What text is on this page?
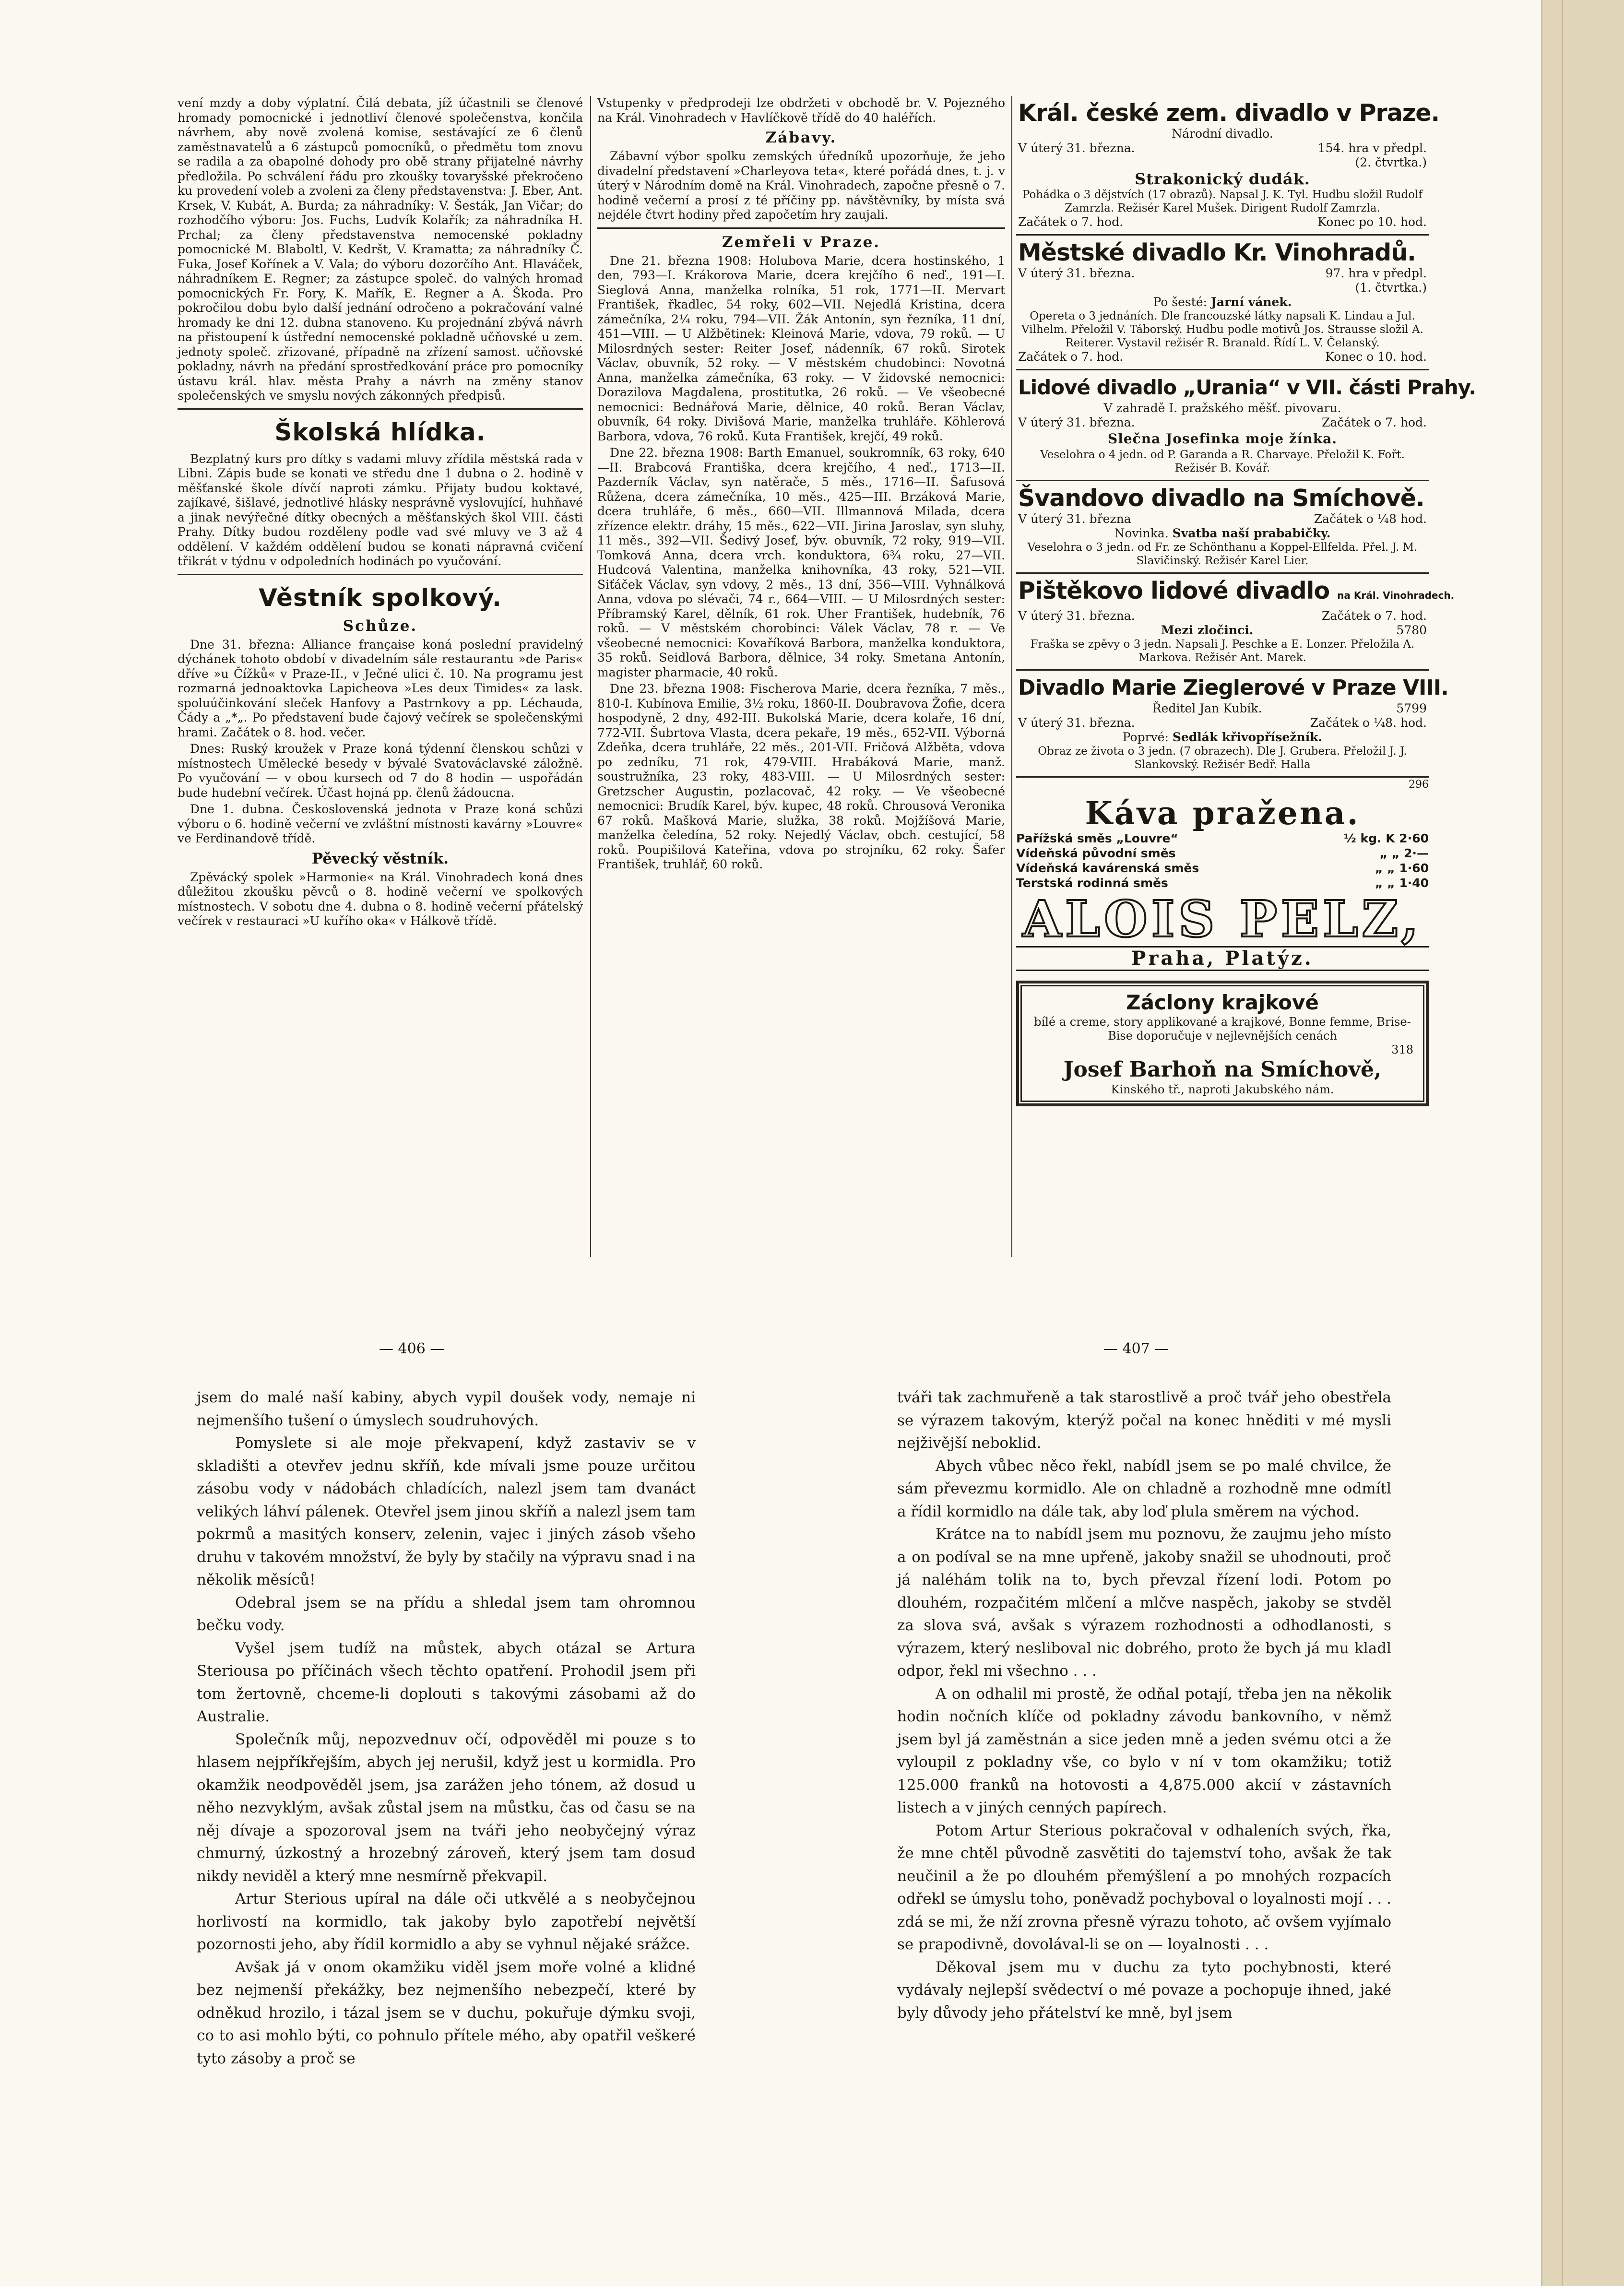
vení mzdy a doby výplatní. Čilá debata, jíž účastnili se členové hromady pomocnické i jednotliví členové společenstva, končila návrhem, aby nově zvolená komise, sestávající ze 6 členů zaměstnavatelů a 6 zástupců pomocníků, o předmětu tom znovu se radila a za obapolné dohody pro obě strany přijatelné návrhy předložila. Po schválení řádu pro zkoušky tovaryšské překročeno ku provedení voleb a zvoleni za členy představenstva: J. Eber, Ant. Krsek, V. Kubát, A. Burda; za náhradníky: V. Šesták, Jan Vičar; do rozhodčího výboru: Jos. Fuchs, Ludvík Kolařík; za náhradníka H. Prchal; za členy představenstva nemocenské pokladny pomocnické M. Blaboltl, V. Kedršt, V. Kramatta; za náhradníky Č. Fuka, Josef Kořínek a V. Vala; do výboru dozorčího Ant. Hlaváček, náhradníkem E. Regner; za zástupce společ. do valných hromad pomocnických Fr. Fory, K. Mařík, E. Regner a A. Škoda. Pro pokročilou dobu bylo další jednání odročeno a pokračování valné hromady ke dni 12. dubna stanoveno. Ku projednání zbývá návrh na přistoupení k ústřední nemocenské pokladně učňovské u zem. jednoty společ. zřizované, případně na zřízení samost. učňovské pokladny, návrh na předání sprostředkování práce pro pomocníky ústavu král. hlav. města Prahy a návrh na změny stanov společenských ve smyslu nových zákonných předpisů.

Školská hlídka.

Bezplatný kurs pro dítky s vadami mluvy zřídila městská rada v Libni. Zápis bude se konati ve středu dne 1 dubna o 2. hodině v měšťanské škole dívčí naproti zámku. Přijaty budou koktavé, zajíkavé, šišlavé, jednotlivé hlásky nesprávně vyslovující, huhňavé a jinak nevýřečné dítky obecných a měšťanských škol VIII. části Prahy. Dítky budou rozděleny podle vad své mluvy ve 3 až 4 oddělení. V každém oddělení budou se konati nápravná cvičení třikrát v týdnu v odpoledních hodinách po vyučování.

Věstník spolkový.
Schůze.

Dne 31. března: Alliance française koná poslední pravidelný dýchánek tohoto období v divadelním sále restaurantu »de Paris« dříve »u Čížků« v Praze-II., v Ječné ulici č. 10. Na programu jest rozmarná jednoaktovka Lapicheova »Les deux Timides« za lask. spoluúčinkování sleček Hanfovy a Pastrnkovy a pp. Léchauda, Čády a „*„. Po představení bude čajový večírek se společenskými hrami. Začátek o 8. hod. večer.

Dnes: Ruský kroužek v Praze koná týdenní členskou schůzi v místnostech Umělecké besedy v bývalé Svatováclavské záložně. Po vyučování — v obou kursech od 7 do 8 hodin — uspořádán bude hudební večírek. Účast hojná pp. členů žádoucna.

Dne 1. dubna. Československá jednota v Praze koná schůzi výboru o 6. hodině večerní ve zvláštní místnosti kavárny »Louvre« ve Ferdinandově třídě.

Pěvecký věstník.

Zpěvácký spolek »Harmonie« na Král. Vinohradech koná dnes důležitou zkoušku pěvců o 8. hodině večerní ve spolkových místnostech. V sobotu dne 4. dubna o 8. hodině večerní přátelský večírek v restauraci »U kuřího oka« v Hálkově třídě.

Vstupenky v předprodeji lze obdržeti v obchodě br. V. Pojezného na Král. Vinohradech v Havlíčkově třídě do 40 haléřích.

Zábavy.

Zábavní výbor spolku zemských úředníků upozorňuje, že jeho divadelní představení »Charleyova teta«, které pořádá dnes, t. j. v úterý v Národním domě na Král. Vinohradech, započne přesně o 7. hodině večerní a prosí z té příčiny pp. návštěvníky, by místa svá nejdéle čtvrt hodiny před započetím hry zaujali.

Zemřeli v Praze.

Dne 21. března 1908: Holubova Marie, dcera hostinského, 1 den, 793—I. Krákorova Marie, dcera krejčího 6 neď., 191—I. Sieglová Anna, manželka rolníka, 51 rok, 1771—II. Mervart František, řkadlec, 54 roky, 602—VII. Nejedlá Kristina, dcera zámečníka, 2¼ roku, 794—VII. Žák Antonín, syn řezníka, 11 dní, 451—VIII. — U Alžbětinek: Kleinová Marie, vdova, 79 roků. — U Milosrdných sester: Reiter Josef, nádenník, 67 roků. Sirotek Václav, obuvník, 52 roky. — V městském chudobinci: Novotná Anna, manželka zámečníka, 63 roky. — V židovské nemocnici: Dorazilova Magdalena, prostitutka, 26 roků. — Ve všeobecné nemocnici: Bednářová Marie, dělnice, 40 roků. Beran Václav, obuvník, 64 roky. Divišová Marie, manželka truhláře. Köhlerová Barbora, vdova, 76 roků. Kuta František, krejčí, 49 roků.

Dne 22. března 1908: Barth Emanuel, soukromník, 63 roky, 640—II. Brabcová Františka, dcera krejčího, 4 neď., 1713—II. Pazderník Václav, syn natěrače, 5 měs., 1716—II. Šafusová Růžena, dcera zámečníka, 10 měs., 425—III. Brzáková Marie, dcera truhláře, 6 měs., 660—VII. Illmannová Milada, dcera zřízence elektr. dráhy, 15 měs., 622—VII. Jirina Jaroslav, syn sluhy, 11 měs., 392—VII. Šedivý Josef, býv. obuvník, 72 roky, 919—VII. Tomková Anna, dcera vrch. konduktora, 6¾ roku, 27—VII. Hudcová Valentina, manželka knihovníka, 43 roky, 521—VII. Siťáček Václav, syn vdovy, 2 měs., 13 dní, 356—VIII. Vyhnálková Anna, vdova po slévači, 74 r., 664—VIII. — U Milosrdných sester: Příbramský Karel, dělník, 61 rok. Uher František, hudebník, 76 roků. — V městském chorobinci: Válek Václav, 78 r. — Ve všeobecné nemocnici: Kovaříková Barbora, manželka konduktora, 35 roků. Seidlová Barbora, dělnice, 34 roky. Smetana Antonín, magister pharmacie, 40 roků.

Dne 23. března 1908: Fischerova Marie, dcera řezníka, 7 měs., 810-I. Kubínova Emilie, 3½ roku, 1860-II. Doubravova Žofie, dcera hospodyně, 2 dny, 492-III. Bukolská Marie, dcera kolaře, 16 dní, 772-VII. Šubrtova Vlasta, dcera pekaře, 19 měs., 652-VII. Výborná Zdeňka, dcera truhláře, 22 měs., 201-VII. Fričová Alžběta, vdova po zedníku, 71 rok, 479-VIII. Hrabáková Marie, manž. soustružníka, 23 roky, 483-VIII. — U Milosrdných sester: Gretzscher Augustin, pozlacovač, 42 roky. — Ve všeobecné nemocnici: Brudík Karel, býv. kupec, 48 roků. Chrousová Veronika 67 roků. Mašková Marie, služka, 38 roků. Mojžíšová Marie, manželka čeledína, 52 roky. Nejedlý Václav, obch. cestující, 58 roků. Poupišilová Kateřina, vdova po strojníku, 62 roky. Šafer František, truhlář, 60 roků.

Král. české zem. divadlo v Praze.
Národní divadlo.
V úterý 31. března.	154. hra v předpl.
(2. čtvrtka.)
Strakonický dudák.
Pohádka o 3 dějstvích (17 obrazů). Napsal J. K. Tyl. Hudbu složil Rudolf Zamrzla. Režisér Karel Mušek. Dirigent Rudolf Zamrzla.
Začátek o 7. hod.	Konec po 10. hod.
Městské divadlo Kr. Vinohradů.
V úterý 31. března.	97. hra v předpl.
(1. čtvrtka.)
Po šesté: Jarní vánek.
Opereta o 3 jednáních. Dle francouzské látky napsali K. Lindau a Jul. Vilhelm. Přeložil V. Táborský. Hudbu podle motivů Jos. Strausse složil A. Reiterer. Vystavil režisér R. Branald. Řídí L. V. Čelanský.
Začátek o 7. hod.	Konec o 10. hod.
Lidové divadlo „Urania“ v VII. části Prahy.
V zahradě I. pražského měšť. pivovaru.
V úterý 31. března.	Začátek o 7. hod.
Slečna Josefinka moje žínka.
Veselohra o 4 jedn. od P. Garanda a R. Charvaye. Přeložil K. Fořt. Režisér B. Kovář.
Švandovo divadlo na Smíchově.
V úterý 31. března	Začátek o ¼8 hod.
Novinka. Svatba naší prababičky.
Veselohra o 3 jedn. od Fr. ze Schönthanu a Koppel-Ellfelda. Přel. J. M. Slavičinský. Režisér Karel Lier.
Pištěkovo lidové divadlo na Král. Vinohradech.
V úterý 31. března.	Začátek o 7. hod.
Mezi zločinci.	5780
Fraška se zpěvy o 3 jedn. Napsali J. Peschke a E. Lonzer. Přeložila A. Markova. Režisér Ant. Marek.
Divadlo Marie Zieglerové v Praze VIII.
Ředitel Jan Kubík.	5799
V úterý 31. března.	Začátek o ¼8. hod.
Poprvé: Sedlák křivopřísežník.
Obraz ze života o 3 jedn. (7 obrazech). Dle J. Gruberа. Přeložil J. J. Slankovský. Režisér Bedř. Halla
296
Káva pražena.
Pařížská směs „Louvre“	½ kg. K 2·60
Vídeňská původní směs	„ „ 2·—
Vídeňská kavárenská směs	„ „ 1·60
Terstská rodinná směs	„ „ 1·40
ALOIS PELZ,
Praha, Platýz.
Záclony krajkové
bílé a creme, story applikované a krajkové, Bonne femme, Brise-Bise doporučuje v nejlevnějších cenách
318
Josef Barhoň na Smíchově,
Kinského tř., naproti Jakubského nám.
— 406 —	— 407 —

jsem do malé naší kabiny, abych vypil doušek vody, nemaje ni nejmenšího tušení o úmyslech soudruhových.

Pomyslete si ale moje překvapení, když zastaviv se v skladišti a otevřev jednu skříň, kde mívali jsme pouze určitou zásobu vody v nádobách chladících, nalezl jsem tam dvanáct velikých láhví pálenek. Otevřel jsem jinou skříň a nalezl jsem tam pokrmů a masitých konserv, zelenin, vajec i jiných zásob všeho druhu v takovém množství, že byly by stačily na výpravu snad i na několik měsíců!

Odebral jsem se na přídu a shledal jsem tam ohromnou bečku vody.

Vyšel jsem tudíž na můstek, abych otázal se Artura Steriousa po příčinách všech těchto opatření. Prohodil jsem při tom žertovně, chceme-li doplouti s takovými zásobami až do Australie.

Společník můj, nepozvednuv očí, odpověděl mi pouze s to hlasem nejpříkřejším, abych jej nerušil, když jest u kormidla. Pro okamžik neodpověděl jsem, jsa zarážen jeho tónem, až dosud u něho nezvyklým, avšak zůstal jsem na můstku, čas od času se na něj dívaje a spozoroval jsem na tváři jeho neobyčejný výraz chmurný, úzkostný a hrozebný zároveň, který jsem tam dosud nikdy neviděl a který mne nesmírně překvapil.

Artur Sterious upíral na dále oči utkvělé a s neobyčejnou horlivostí na kormidlo, tak jakoby bylo zapotřebí největší pozornosti jeho, aby řídil kormidlo a aby se vyhnul nějaké srážce.

Avšak já v onom okamžiku viděl jsem moře volné a klidné bez nejmenší překážky, bez nejmenšího nebezpečí, které by odněkud hrozilo, i tázal jsem se v duchu, pokuřuje dýmku svoji, co to asi mohlo býti, co pohnulo přítele mého, aby opatřil veškeré tyto zásoby a proč se

tváři tak zachmuřeně a tak starostlivě a proč tvář jeho obestřela se výrazem takovým, kterýž počal na konec hněditi v mé mysli nejživější neboklid.

Abych vůbec něco řekl, nabídl jsem se po malé chvilce, že sám převezmu kormidlo. Ale on chladně a rozhodně mne odmítl a řídil kormidlo na dále tak, aby loď plula směrem na východ.

Krátce na to nabídl jsem mu poznovu, že zaujmu jeho místo a on podíval se na mne upřeně, jakoby snažil se uhodnouti, proč já naléhám tolik na to, bych převzal řízení lodi. Potom po dlouhém, rozpačitém mlčení a mlčve naspěch, jakoby se stvděl za slova svá, avšak s výrazem rozhodnosti a odhodlanosti, s výrazem, který nesliboval nic dobrého, proto že bych já mu kladl odpor, řekl mi všechno . . .

A on odhalil mi prostě, že odňal potají, třeba jen na několik hodin nočních klíče od pokladny závodu bankovního, v němž jsem byl já zaměstnán a sice jeden mně a jeden svému otci a že vyloupil z pokladny vše, co bylo v ní v tom okamžiku; totiž 125.000 franků na hotovosti a 4,875.000 akcií v zástavních listech a v jiných cenných papírech.

Potom Artur Sterious pokračoval v odhaleních svých, řka, že mne chtěl původně zasvětiti do tajemství toho, avšak že tak neučinil a že po dlouhém přemýšlení a po mnohých rozpacích odřekl se úmyslu toho, poněvadž pochyboval o loyalnosti mojí . . . zdá se mi, že nží zrovna přesně výrazu tohoto, ač ovšem vyjímalo se prapodivně, dovolával-li se on — loyalnosti . . .

Děkoval jsem mu v duchu za tyto pochybnosti, které vydávaly nejlepší svědectví o mé povaze a pochopuje ihned, jaké byly důvody jeho přátelství ke mně, byl jsem
